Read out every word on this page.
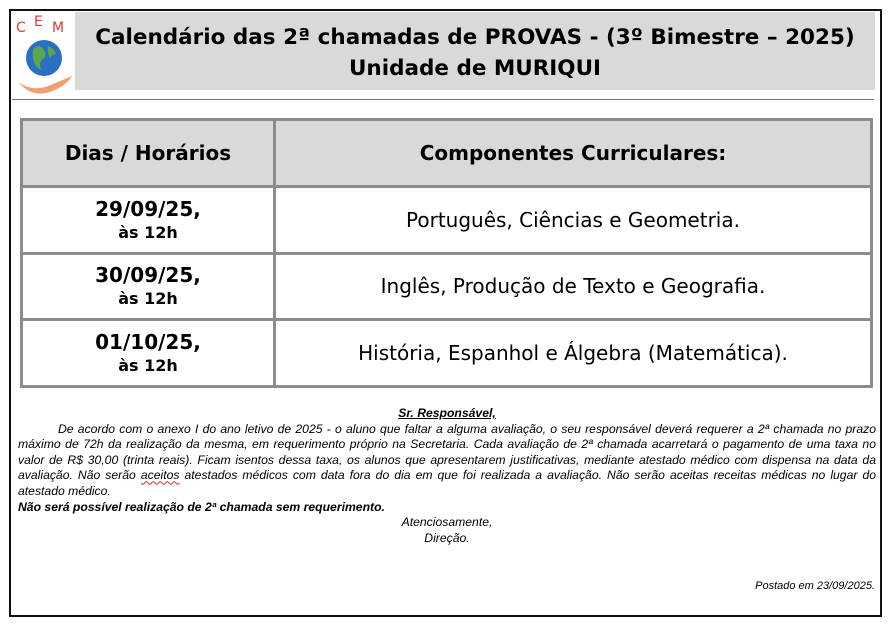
C E M	Calendário das 2ª chamadas de PROVAS - (3º Bimestre – 2025)
Unidade de MURIQUI
Dias / Horários	Componentes Curriculares:

29/09/25,
às 12h	Português, Ciências e Geometria.

30/09/25,
às 12h	Inglês, Produção de Texto e Geografia.

01/10/25,
às 12h	História, Espanhol e Álgebra (Matemática).
Sr. Responsável,
De acordo com o anexo I do ano letivo de 2025 - o aluno que faltar a alguma avaliação, o seu responsável deverá requerer a 2ª chamada no prazo máximo de 72h da realização da mesma, em requerimento próprio na Secretaria. Cada avaliação de 2ª chamada acarretará o pagamento de uma taxa no valor de R$ 30,00 (trinta reais). Ficam isentos dessa taxa, os alunos que apresentarem justificativas, mediante atestado médico com dispensa na data da avaliação. Não serão aceitos atestados médicos com data fora do dia em que foi realizada a avaliação. Não serão aceitas receitas médicas no lugar do atestado médico.
Não será possível realização de 2ª chamada sem requerimento.
Atenciosamente,
Direção.
Postado em 23/09/2025.
